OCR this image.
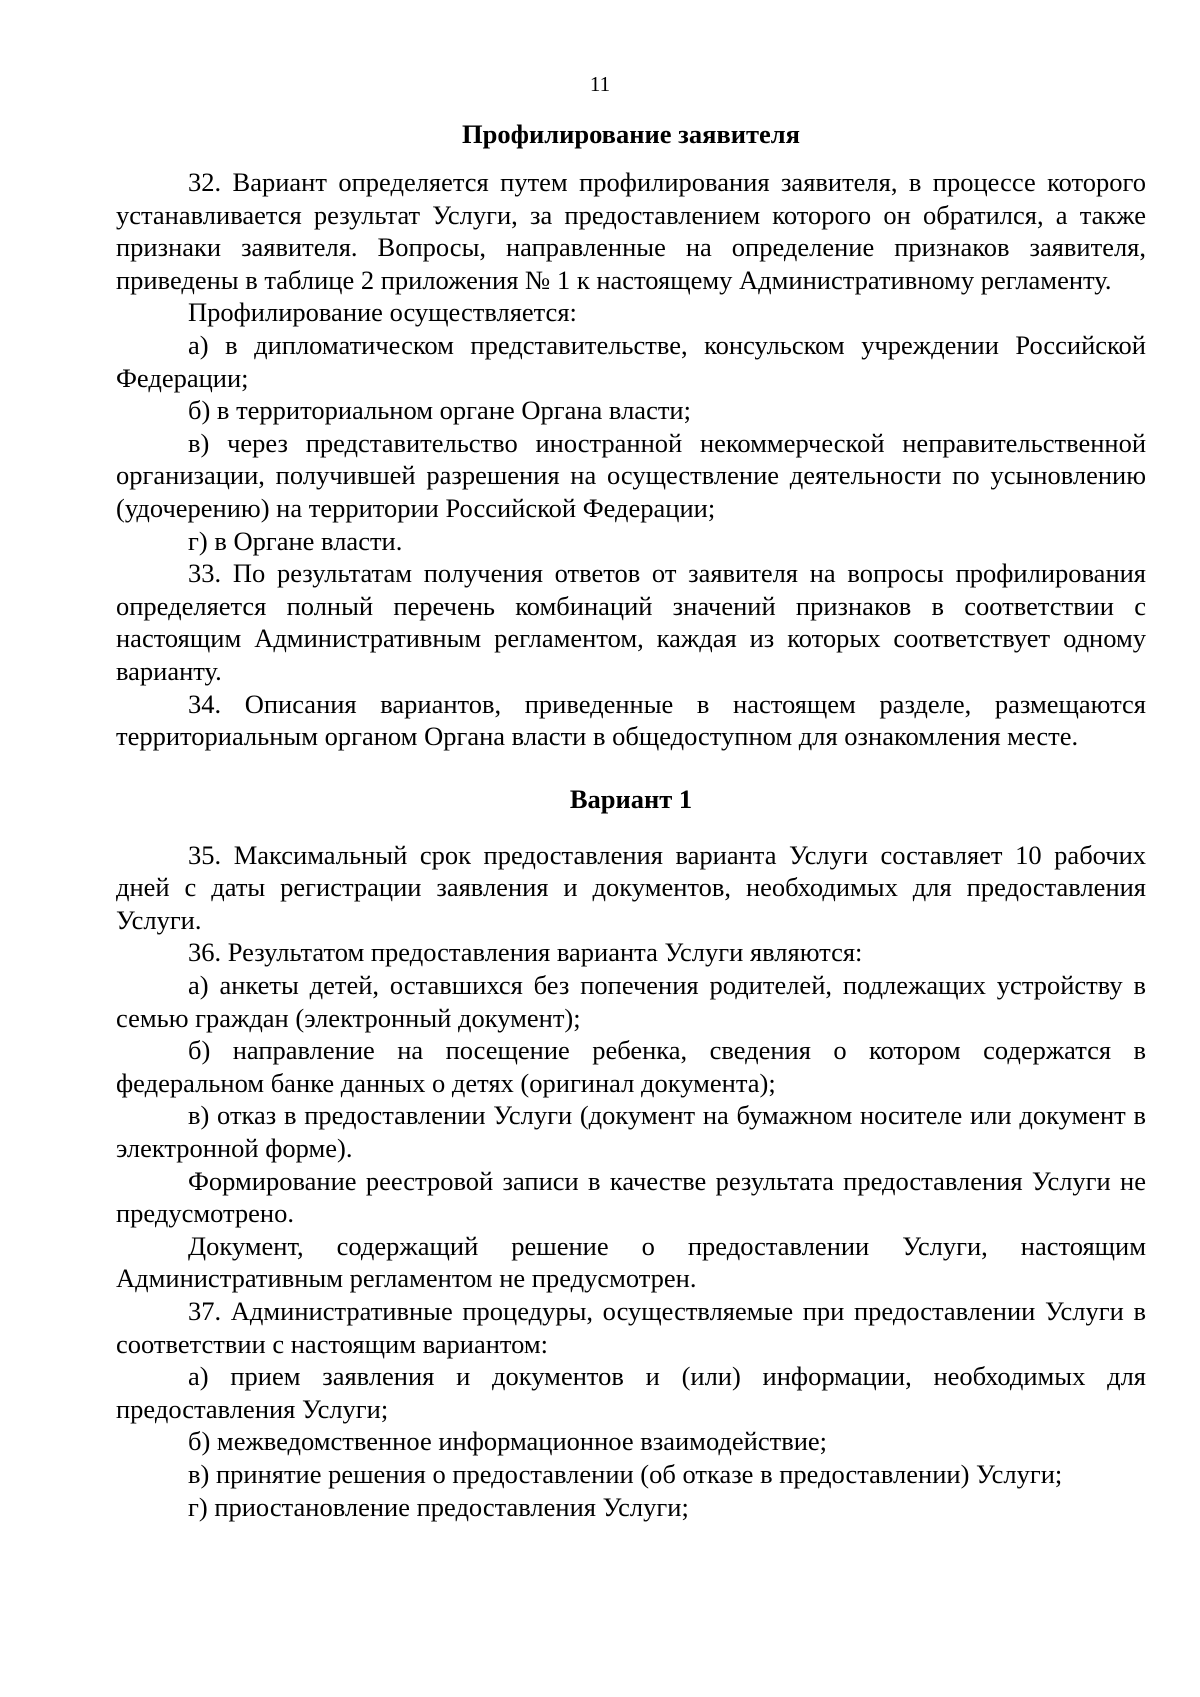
11
Профилирование заявителя

32. Вариант определяется путем профилирования заявителя, в процессе которого устанавливается результат Услуги, за предоставлением которого он обратился, а также признаки заявителя. Вопросы, направленные на определение признаков заявителя, приведены в таблице 2 приложения № 1 к настоящему Административному регламенту.

Профилирование осуществляется:

а) в дипломатическом представительстве, консульском учреждении Российской Федерации;

б) в территориальном органе Органа власти;

в) через представительство иностранной некоммерческой неправительственной организации, получившей разрешения на осуществление деятельности по усыновлению (удочерению) на территории Российской Федерации;

г) в Органе власти.

33. По результатам получения ответов от заявителя на вопросы профилирования определяется полный перечень комбинаций значений признаков в соответствии с настоящим Административным регламентом, каждая из которых соответствует одному варианту.

34. Описания вариантов, приведенные в настоящем разделе, размещаются территориальным органом Органа власти в общедоступном для ознакомления месте.

Вариант 1

35. Максимальный срок предоставления варианта Услуги составляет 10 рабочих дней с даты регистрации заявления и документов, необходимых для предоставления Услуги.

36. Результатом предоставления варианта Услуги являются:

а) анкеты детей, оставшихся без попечения родителей, подлежащих устройству в семью граждан (электронный документ);

б) направление на посещение ребенка, сведения о котором содержатся в федеральном банке данных о детях (оригинал документа);

в) отказ в предоставлении Услуги (документ на бумажном носителе или документ в электронной форме).

Формирование реестровой записи в качестве результата предоставления Услуги не предусмотрено.

Документ, содержащий решение о предоставлении Услуги, настоящим Административным регламентом не предусмотрен.

37. Административные процедуры, осуществляемые при предоставлении Услуги в соответствии с настоящим вариантом:

а) прием заявления и документов и (или) информации, необходимых для предоставления Услуги;

б) межведомственное информационное взаимодействие;

в) принятие решения о предоставлении (об отказе в предоставлении) Услуги;

г) приостановление предоставления Услуги;
